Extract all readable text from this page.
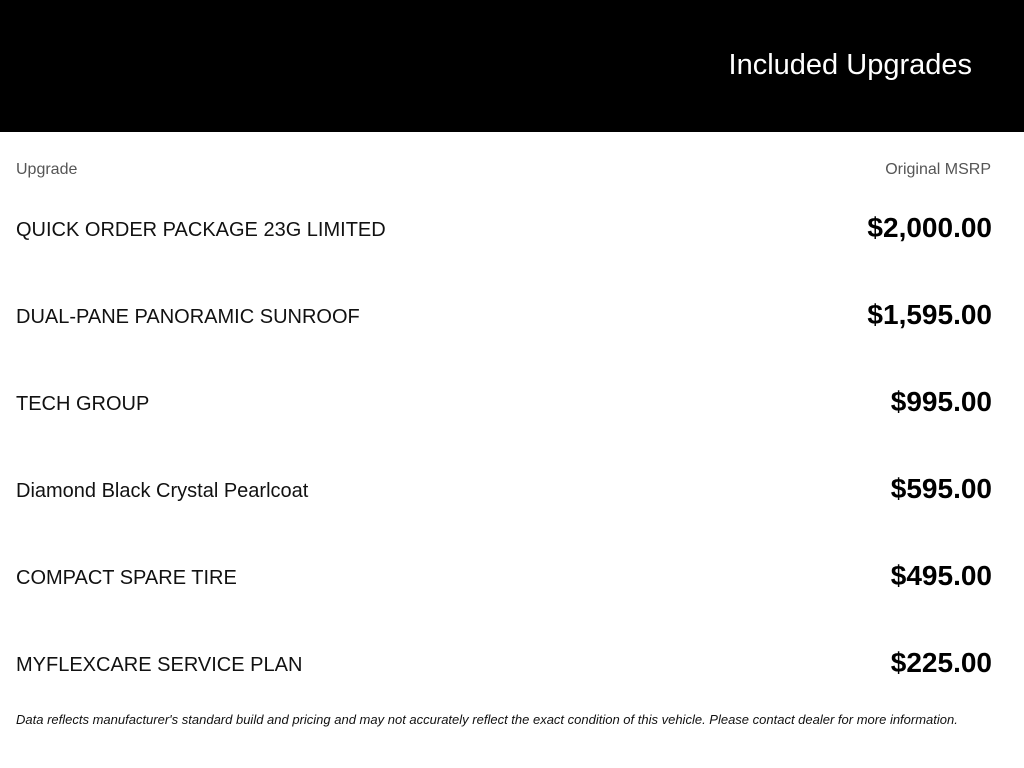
Included Upgrades
Upgrade	Original MSRP
QUICK ORDER PACKAGE 23G LIMITED	$2,000.00
DUAL-PANE PANORAMIC SUNROOF	$1,595.00
TECH GROUP	$995.00
Diamond Black Crystal Pearlcoat	$595.00
COMPACT SPARE TIRE	$495.00
MYFLEXCARE SERVICE PLAN	$225.00
Data reflects manufacturer's standard build and pricing and may not accurately reflect the exact condition of this vehicle. Please contact dealer for more information.
